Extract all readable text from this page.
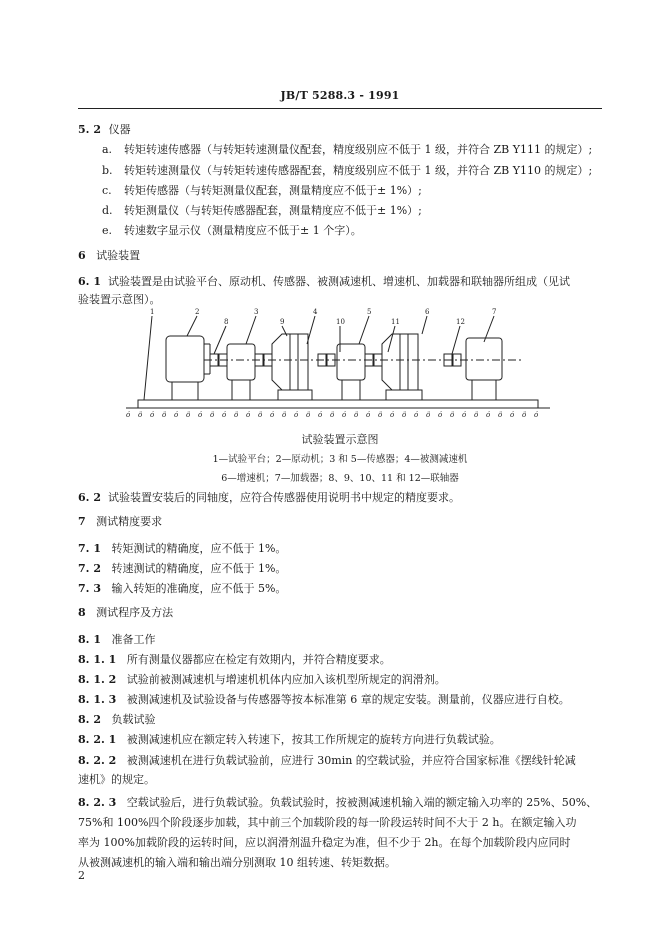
JB/T 5288.3 - 1991
5. 2 仪器
a. 转矩转速传感器（与转矩转速测量仪配套，精度级别应不低于 1 级，并符合 ZB Y111 的规定）;
b. 转矩转速测量仪（与转矩转速传感器配套，精度级别应不低于 1 级，并符合 ZB Y110 的规定）;
c. 转矩传感器（与转矩测量仪配套，测量精度应不低于± 1%）;
d. 转矩测量仪（与转矩传感器配套，测量精度应不低于± 1%）;
e. 转速数字显示仪（测量精度应不低于± 1 个字）。
6 试验装置
6. 1 试验装置是由试验平台、原动机、传感器、被测减速机、增速机、加载器和联轴器所组成（见试
验装置示意图）。
ó ö ó ö ó ö ó ö ó ö ó ö ó ö ó ö ó ö ó ö ó ö ó ö ó ö ó ö ó ö ó ö ó ö ó
1	2
8
3
9
4
10
5
11
6
12
7
试验装置示意图
1—试验平台；2—原动机；3 和 5—传感器；4—被测减速机
6—增速机；7—加载器；8、9、10、11 和 12—联轴器
6. 2 试验装置安装后的同轴度，应符合传感器使用说明书中规定的精度要求。
7 测试精度要求
7. 1 转矩测试的精确度，应不低于 1%。
7. 2 转速测试的精确度，应不低于 1%。
7. 3 输入转矩的准确度，应不低于 5%。
8 测试程序及方法
8. 1 准备工作
8. 1. 1 所有测量仪器都应在检定有效期内，并符合精度要求。
8. 1. 2 试验前被测减速机与增速机机体内应加入该机型所规定的润滑剂。
8. 1. 3 被测减速机及试验设备与传感器等按本标准第 6 章的规定安装。测量前，仪器应进行自校。
8. 2 负载试验
8. 2. 1 被测减速机应在额定转入转速下，按其工作所规定的旋转方向进行负载试验。
8. 2. 2 被测减速机在进行负载试验前，应进行 30min 的空载试验，并应符合国家标准《摆线针轮减
速机》的规定。
8. 2. 3 空载试验后，进行负载试验。负载试验时，按被测减速机输入端的额定输入功率的 25%、50%、
75%和 100%四个阶段逐步加载，其中前三个加载阶段的每一阶段运转时间不大于 2 h。在额定输入功
率为 100%加载阶段的运转时间，应以润滑剂温升稳定为准，但不少于 2h。在每个加载阶段内应同时
从被测减速机的输入端和输出端分别测取 10 组转速、转矩数据。
2
